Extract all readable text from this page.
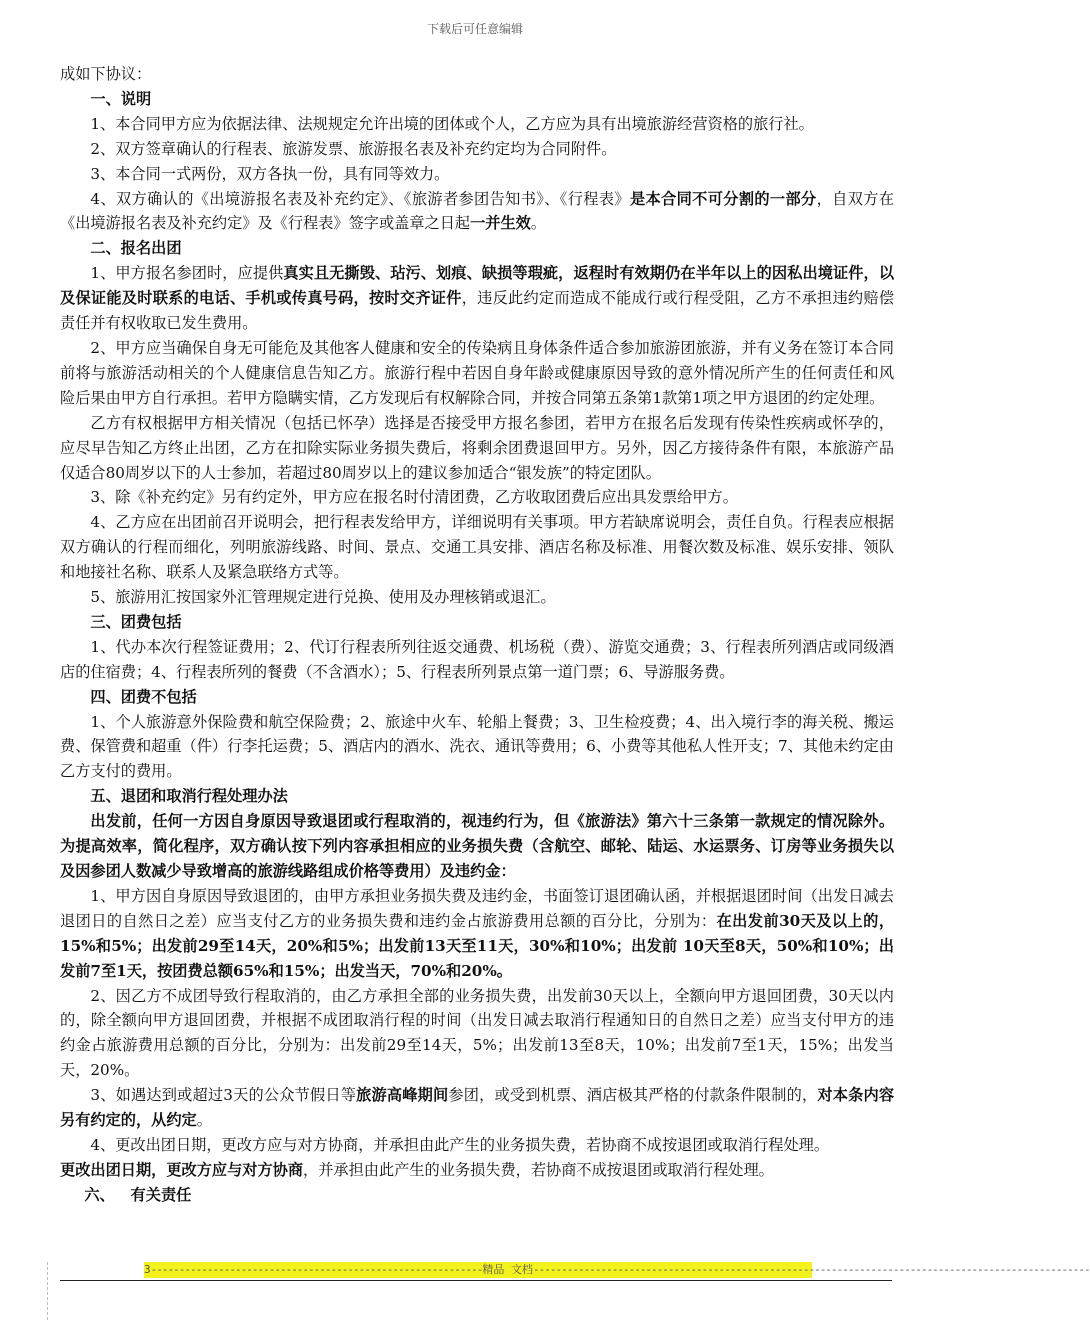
下载后可任意编辑

成如下协议：

一、说明

1、本合同甲方应为依据法律、法规规定允许出境的团体或个人，乙方应为具有出境旅游经营资格的旅行社。

2、双方签章确认的行程表、旅游发票、旅游报名表及补充约定均为合同附件。

3、本合同一式两份，双方各执一份，具有同等效力。

4、双方确认的《出境游报名表及补充约定》、《旅游者参团告知书》、《行程表》是本合同不可分割的一部分，自双方在《出境游报名表及补充约定》及《行程表》签字或盖章之日起一并生效。

二、报名出团

1、甲方报名参团时，应提供真实且无撕毁、玷污、划痕、缺损等瑕疵，返程时有效期仍在半年以上的因私出境证件，以及保证能及时联系的电话、手机或传真号码，按时交齐证件，违反此约定而造成不能成行或行程受阻，乙方不承担违约赔偿责任并有权收取已发生费用。

2、甲方应当确保自身无可能危及其他客人健康和安全的传染病且身体条件适合参加旅游团旅游，并有义务在签订本合同前将与旅游活动相关的个人健康信息告知乙方。旅游行程中若因自身年龄或健康原因导致的意外情况所产生的任何责任和风险后果由甲方自行承担。若甲方隐瞒实情，乙方发现后有权解除合同，并按合同第五条第1款第1项之甲方退团的约定处理。

乙方有权根据甲方相关情况（包括已怀孕）选择是否接受甲方报名参团，若甲方在报名后发现有传染性疾病或怀孕的，应尽早告知乙方终止出团，乙方在扣除实际业务损失费后，将剩余团费退回甲方。另外，因乙方接待条件有限，本旅游产品仅适合80周岁以下的人士参加，若超过80周岁以上的建议参加适合“银发族”的特定团队。

3、除《补充约定》另有约定外，甲方应在报名时付清团费，乙方收取团费后应出具发票给甲方。

4、乙方应在出团前召开说明会，把行程表发给甲方，详细说明有关事项。甲方若缺席说明会，责任自负。行程表应根据双方确认的行程而细化，列明旅游线路、时间、景点、交通工具安排、酒店名称及标准、用餐次数及标准、娱乐安排、领队和地接社名称、联系人及紧急联络方式等。

5、旅游用汇按国家外汇管理规定进行兑换、使用及办理核销或退汇。

三、团费包括

1、代办本次行程签证费用；2、代订行程表所列往返交通费、机场税（费）、游览交通费；3、行程表所列酒店或同级酒店的住宿费；4、行程表所列的餐费（不含酒水）；5、行程表所列景点第一道门票；6、导游服务费。

四、团费不包括

1、个人旅游意外保险费和航空保险费；2、旅途中火车、轮船上餐费；3、卫生检疫费；4、出入境行李的海关税、搬运费、保管费和超重（件）行李托运费；5、酒店内的酒水、洗衣、通讯等费用；6、小费等其他私人性开支；7、其他未约定由乙方支付的费用。

五、退团和取消行程处理办法

出发前，任何一方因自身原因导致退团或行程取消的，视违约行为，但《旅游法》第六十三条第一款规定的情况除外。为提高效率，简化程序，双方确认按下列内容承担相应的业务损失费（含航空、邮轮、陆运、水运票务、订房等业务损失以及因参团人数减少导致增高的旅游线路组成价格等费用）及违约金：

1、甲方因自身原因导致退团的，由甲方承担业务损失费及违约金，书面签订退团确认函，并根据退团时间（出发日减去退团日的自然日之差）应当支付乙方的业务损失费和违约金占旅游费用总额的百分比，分别为：在出发前30天及以上的，15%和5%；出发前29至14天，20%和5%；出发前13天至11天，30%和10%；出发前 10天至8天，50%和10%；出发前7至1天，按团费总额65%和15%；出发当天，70%和20%。

2、因乙方不成团导致行程取消的，由乙方承担全部的业务损失费，出发前30天以上，全额向甲方退回团费，30天以内的，除全额向甲方退回团费，并根据不成团取消行程的时间（出发日减去取消行程通知日的自然日之差）应当支付甲方的违约金占旅游费用总额的百分比，分别为：出发前29至14天，5%；出发前13至8天，10%；出发前7至1天，15%；出发当天，20%。

3、如遇达到或超过3天的公众节假日等旅游高峰期间参团，或受到机票、酒店极其严格的付款条件限制的，对本条内容另有约定的，从约定。

4、更改出团日期，更改方应与对方协商，并承担由此产生的业务损失费，若协商不成按退团或取消行程处理。

更改出团日期，更改方应与对方协商，并承担由此产生的业务损失费，若协商不成按退团或取消行程处理。

六、 有关责任

3-----------------------------------------------------------精品 文档---------------------------------------------------------------------------------------------------
